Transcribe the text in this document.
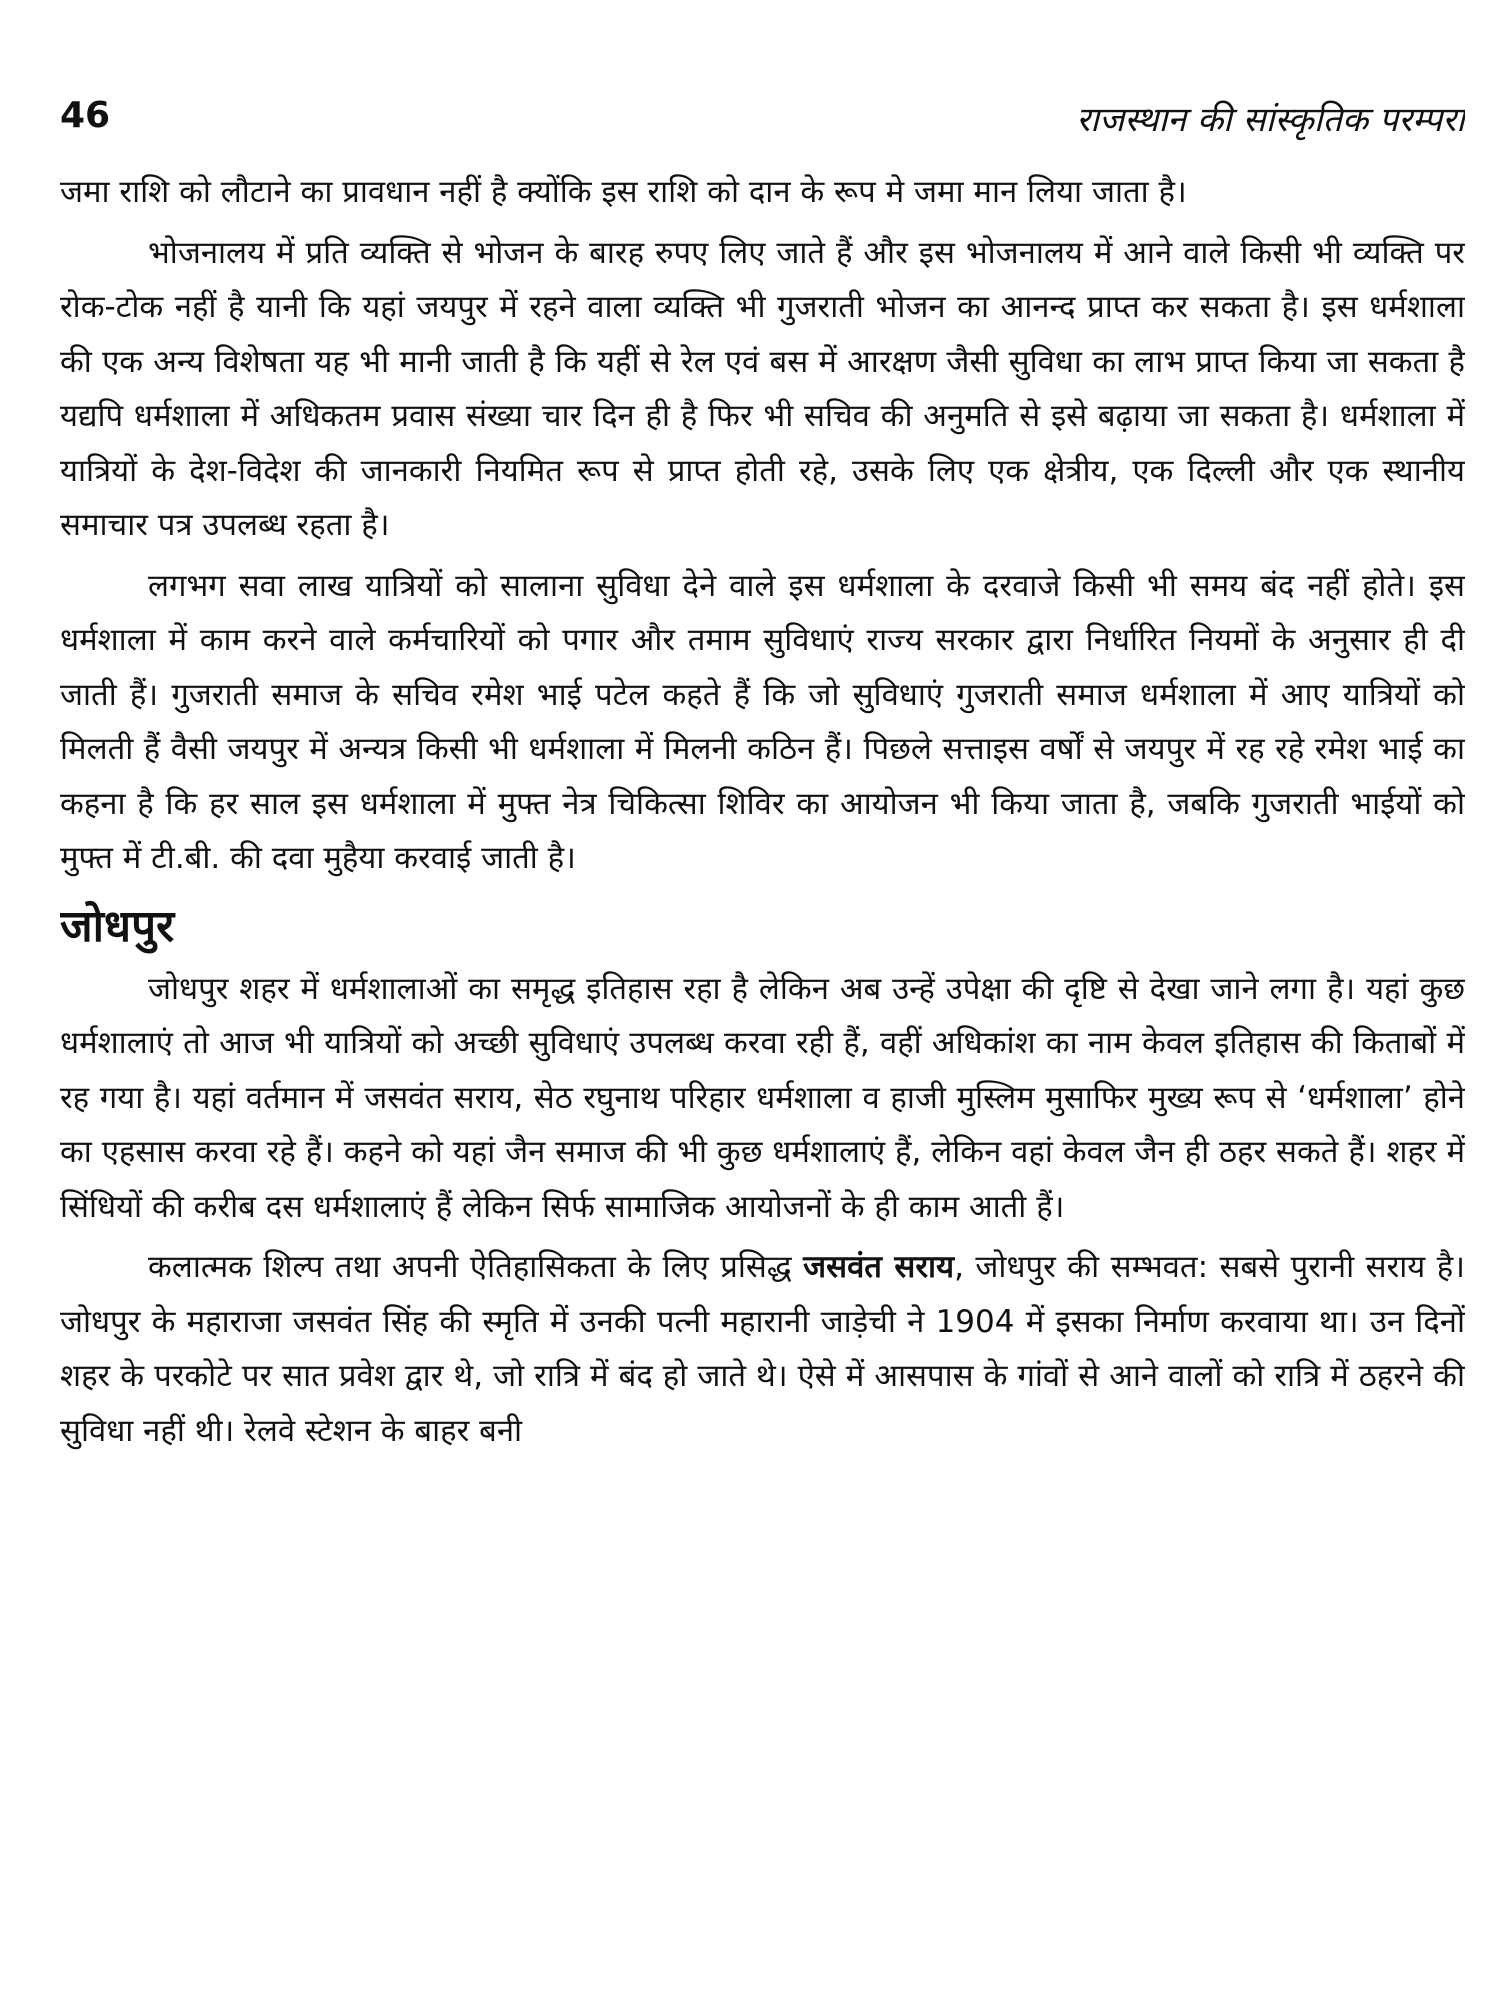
46	राजस्थान की सांस्कृतिक परम्परा

जमा राशि को लौटाने का प्रावधान नहीं है क्योंकि इस राशि को दान के रूप मे जमा मान लिया जाता है।

भोजनालय में प्रति व्यक्ति से भोजन के बारह रुपए लिए जाते हैं और इस भोजनालय में आने वाले किसी भी व्यक्ति पर रोक-टोक नहीं है यानी कि यहां जयपुर में रहने वाला व्यक्ति भी गुजराती भोजन का आनन्द प्राप्त कर सकता है। इस धर्मशाला की एक अन्य विशेषता यह भी मानी जाती है कि यहीं से रेल एवं बस में आरक्षण जैसी सुविधा का लाभ प्राप्त किया जा सकता है यद्यपि धर्मशाला में अधिकतम प्रवास संख्या चार दिन ही है फिर भी सचिव की अनुमति से इसे बढ़ाया जा सकता है। धर्मशाला में यात्रियों के देश-विदेश की जानकारी नियमित रूप से प्राप्त होती रहे, उसके लिए एक क्षेत्रीय, एक दिल्ली और एक स्थानीय समाचार पत्र उपलब्ध रहता है।

लगभग सवा लाख यात्रियों को सालाना सुविधा देने वाले इस धर्मशाला के दरवाजे किसी भी समय बंद नहीं होते। इस धर्मशाला में काम करने वाले कर्मचारियों को पगार और तमाम सुविधाएं राज्य सरकार द्वारा निर्धारित नियमों के अनुसार ही दी जाती हैं। गुजराती समाज के सचिव रमेश भाई पटेल कहते हैं कि जो सुविधाएं गुजराती समाज धर्मशाला में आए यात्रियों को मिलती हैं वैसी जयपुर में अन्यत्र किसी भी धर्मशाला में मिलनी कठिन हैं। पिछले सत्ताइस वर्षों से जयपुर में रह रहे रमेश भाई का कहना है कि हर साल इस धर्मशाला में मुफ्त नेत्र चिकित्सा शिविर का आयोजन भी किया जाता है, जबकि गुजराती भाईयों को मुफ्त में टी.बी. की दवा मुहैया करवाई जाती है।

जोधपुर

जोधपुर शहर में धर्मशालाओं का समृद्ध इतिहास रहा है लेकिन अब उन्हें उपेक्षा की दृष्टि से देखा जाने लगा है। यहां कुछ धर्मशालाएं तो आज भी यात्रियों को अच्छी सुविधाएं उपलब्ध करवा रही हैं, वहीं अधिकांश का नाम केवल इतिहास की किताबों में रह गया है। यहां वर्तमान में जसवंत सराय, सेठ रघुनाथ परिहार धर्मशाला व हाजी मुस्लिम मुसाफिर मुख्य रूप से ‘धर्मशाला’ होने का एहसास करवा रहे हैं। कहने को यहां जैन समाज की भी कुछ धर्मशालाएं हैं, लेकिन वहां केवल जैन ही ठहर सकते हैं। शहर में सिंधियों की करीब दस धर्मशालाएं हैं लेकिन सिर्फ सामाजिक आयोजनों के ही काम आती हैं।

कलात्मक शिल्प तथा अपनी ऐतिहासिकता के लिए प्रसिद्ध जसवंत सराय, जोधपुर की सम्भवत: सबसे पुरानी सराय है। जोधपुर के महाराजा जसवंत सिंह की स्मृति में उनकी पत्नी महारानी जाड़ेची ने 1904 में इसका निर्माण करवाया था। उन दिनों शहर के परकोटे पर सात प्रवेश द्वार थे, जो रात्रि में बंद हो जाते थे। ऐसे में आसपास के गांवों से आने वालों को रात्रि में ठहरने की सुविधा नहीं थी। रेलवे स्टेशन के बाहर बनी
